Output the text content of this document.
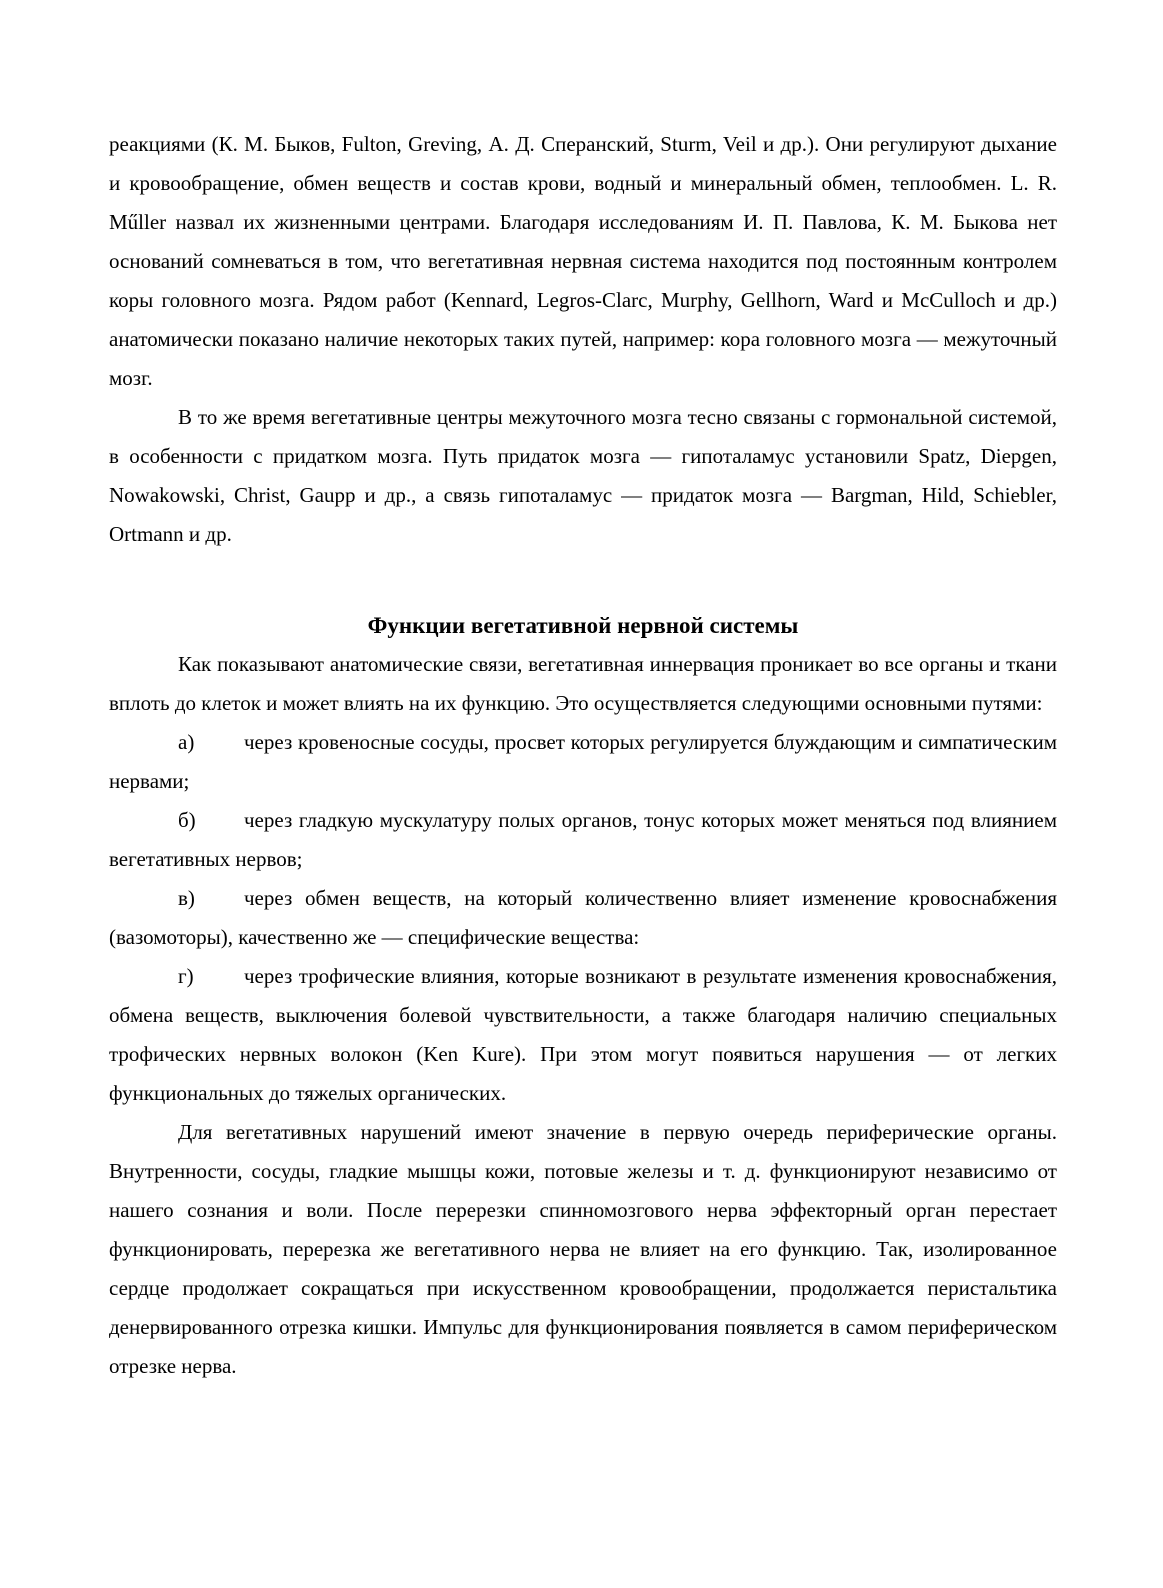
реакциями (К. М. Быков, Fulton, Greving, А. Д. Сперанский, Sturm, Veil и др.). Они регулируют дыхание и кровообращение, обмен веществ и состав крови, водный и минеральный обмен, теплообмен. L. R. Műller назвал их жизненными центрами. Благодаря исследованиям И. П. Павлова, К. М. Быкова нет оснований сомневаться в том, что вегетативная нервная система находится под постоянным контролем коры головного мозга. Рядом работ (Kennard, Legros-Clarc, Murphy, Gellhorn, Ward и McCulloch и др.) анатомически показано наличие некоторых таких путей, например: кора головного мозга — межуточный мозг.

В то же время вегетативные центры межуточного мозга тесно связаны с гормональной системой, в особенности с придатком мозга. Путь придаток мозга — гипоталамус установили Spatz, Diepgen, Nowakowski, Christ, Gaupp и др., а связь гипоталамус — придаток мозга — Bargman, Hild, Schiebler, Ortmann и др.

Функции вегетативной нервной системы

Как показывают анатомические связи, вегетативная иннервация проникает во все органы и ткани вплоть до клеток и может влиять на их функцию. Это осуществляется следующими основными путями:

а) через кровеносные сосуды, просвет которых регулируется блуждающим и симпатическим нервами;

б) через гладкую мускулатуру полых органов, тонус которых может меняться под влиянием вегетативных нервов;

в) через обмен веществ, на который количественно влияет изменение кровоснабжения (вазомоторы), качественно же — специфические вещества:

г) через трофические влияния, которые возникают в результате изменения кровоснабжения, обмена веществ, выключения болевой чувствительности, а также благодаря наличию специальных трофических нервных волокон (Ken Kure). При этом могут появиться нарушения — от легких функциональных до тяжелых органических.

Для вегетативных нарушений имеют значение в первую очередь периферические органы. Внутренности, сосуды, гладкие мышцы кожи, потовые железы и т. д. функционируют независимо от нашего сознания и воли. После перерезки спинномозгового нерва эффекторный орган перестает функционировать, перерезка же вегетативного нерва не влияет на его функцию. Так, изолированное сердце продолжает сокращаться при искусственном кровообращении, продолжается перистальтика денервированного отрезка кишки. Импульс для функционирования появляется в самом периферическом отрезке нерва.
